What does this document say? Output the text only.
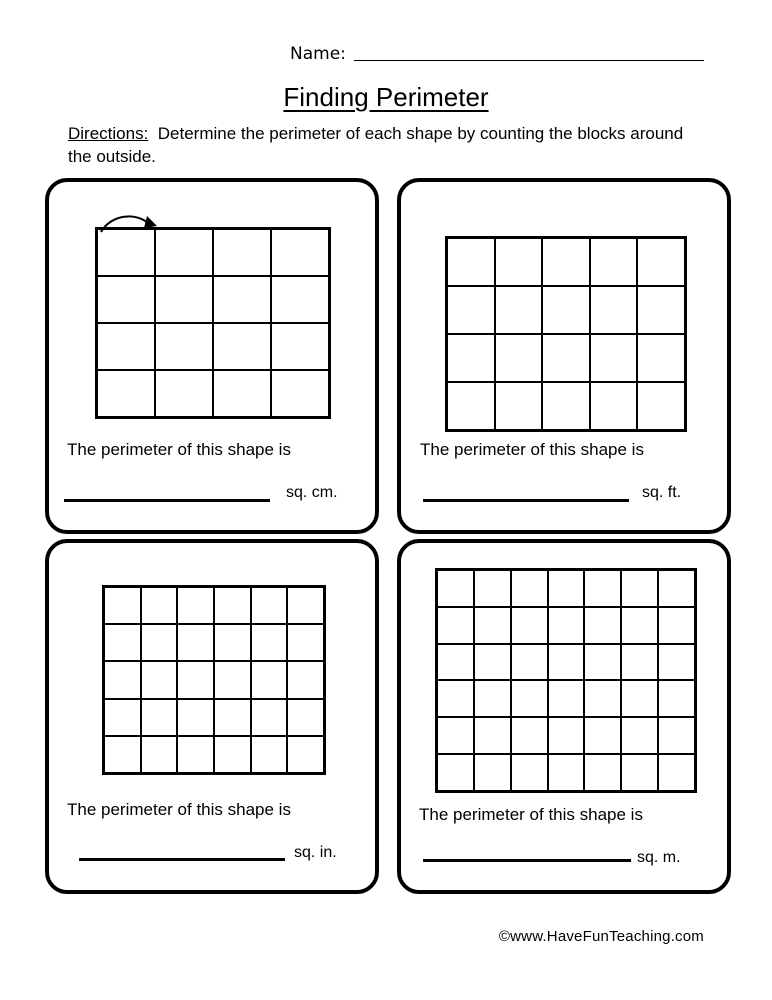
Name:
Finding Perimeter
Directions: Determine the perimeter of each shape by counting the blocks around the outside.
The perimeter of this shape is
sq. cm.
The perimeter of this shape is
sq. ft.
The perimeter of this shape is
sq. in.
The perimeter of this shape is
sq. m.
©www.HaveFunTeaching.com
